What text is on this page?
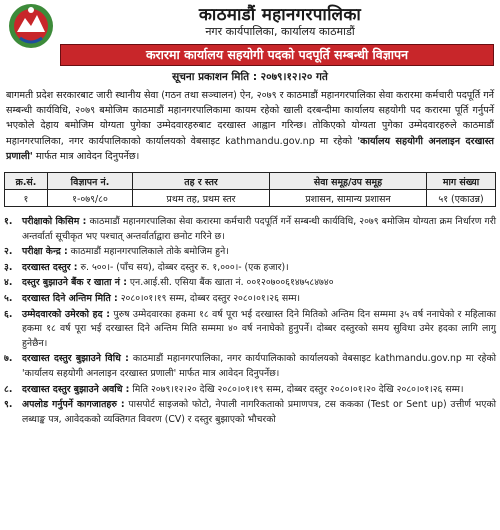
काठमाडौं महानगरपालिका
नगर कार्यपालिका, कार्यालय काठमाडौं
करारमा कार्यालय सहयोगी पदको पदपूर्ति सम्बन्धी विज्ञापन
सूचना प्रकाशन मिति : २०७९।१२।२० गते
बागमती प्रदेश सरकारबाट जारी स्थानीय सेवा (गठन तथा सञ्चालन) ऐन, २०७९ र काठमाडौं महानगरपालिका सेवा करारमा कर्मचारी पदपूर्ति गर्ने सम्बन्धी कार्यविधि, २०७९ बमोजिम काठमाडौं महानगरपालिकामा कायम रहेको खाली दरबन्दीमा कार्यालय सहयोगी पद करारमा पूर्ति गर्नुपर्ने भएकोले देहाय बमोजिम योग्यता पुगेका उम्मेदवारहरुबाट दरखास्त आह्वान गरिन्छ। तोकिएको योग्यता पुगेका उम्मेदवारहरुले काठमाडौं महानगरपालिका, नगर कार्यपालिकाको कार्यालयको वेबसाइट kathmandu.gov.np मा रहेको 'कार्यालय सहयोगी अनलाइन दरखास्त प्रणाली' मार्फत मात्र आवेदन दिनुपर्नेछ।
क्र.सं.	विज्ञापन नं.	तह र स्तर	सेवा समूह/उप समूह	माग संख्या
१	१-०७९/८०	प्रथम तह, प्रथम स्तर	प्रशासन, सामान्य प्रशासन	५१ (एकाउन्न)
१.	परीक्षाको किसिम : काठमाडौं महानगरपालिका सेवा करारमा कर्मचारी पदपूर्ति गर्ने सम्बन्धी कार्यविधि, २०७९ बमोजिम योग्यता क्रम निर्धारण गरी अन्तर्वार्ता सूचीकृत भए पश्चात् अन्तर्वार्ताद्वारा छनोट गरिने छ।
२.	परीक्षा केन्द्र : काठमाडौं महानगरपालिकाले तोके बमोजिम हुने।
३.	दरखास्त दस्तुर : रु. ५००।- (पाँच सय), दोब्बर दस्तुर रु. १,०००।- (एक हजार)।
४.	दस्तुर बुझाउने बैंक र खाता नं : एन.आई.सी. एसिया बैंक खाता नं. ००१२०७००६१४७५८४७४०
५.	दरखास्त दिने अन्तिम मिति : २०८०।०१।१९ सम्म, दोब्बर दस्तुर २०८०।०१।२६ सम्म।
६.	उम्मेदवारको उमेरको हद : पुरुष उम्मेदवारका हकमा १८ वर्ष पूरा भई दरखास्त दिने मितिको अन्तिम दिन सम्ममा ३५ वर्ष ननाघेको र महिलाका हकमा १८ वर्ष पूरा भई दरखास्त दिने अन्तिम मिति सम्ममा ४० वर्ष ननाघेको हुनुपर्ने। दोब्बर दस्तुरको समय सुविधा उमेर हदका लागि लागु हुनेछैन।
७.	दरखास्त दस्तुर बुझाउने विधि : काठमाडौं महानगरपालिका, नगर कार्यपालिकाको कार्यालयको वेबसाइट kathmandu.gov.np मा रहेको 'कार्यालय सहयोगी अनलाइन दरखास्त प्रणाली' मार्फत मात्र आवेदन दिनुपर्नेछ।
८.	दरखास्त दस्तुर बुझाउने अवधि : मिति २०७९।१२।२० देखि २०८०।०१।१९ सम्म, दोब्बर दस्तुर २०८०।०१।२० देखि २०८०।०१।२६ सम्म।
९.	अपलोड गर्नुपर्ने कागजातहरु : पासपोर्ट साइजको फोटो, नेपाली नागरिकताको प्रमाणपत्र, टस ककका (Test or Sent up) उत्तीर्ण भएको लब्धाङ्क पत्र, आवेदकको व्यक्तिगत विवरण (CV) र दस्तुर बुझाएको भौचरको
